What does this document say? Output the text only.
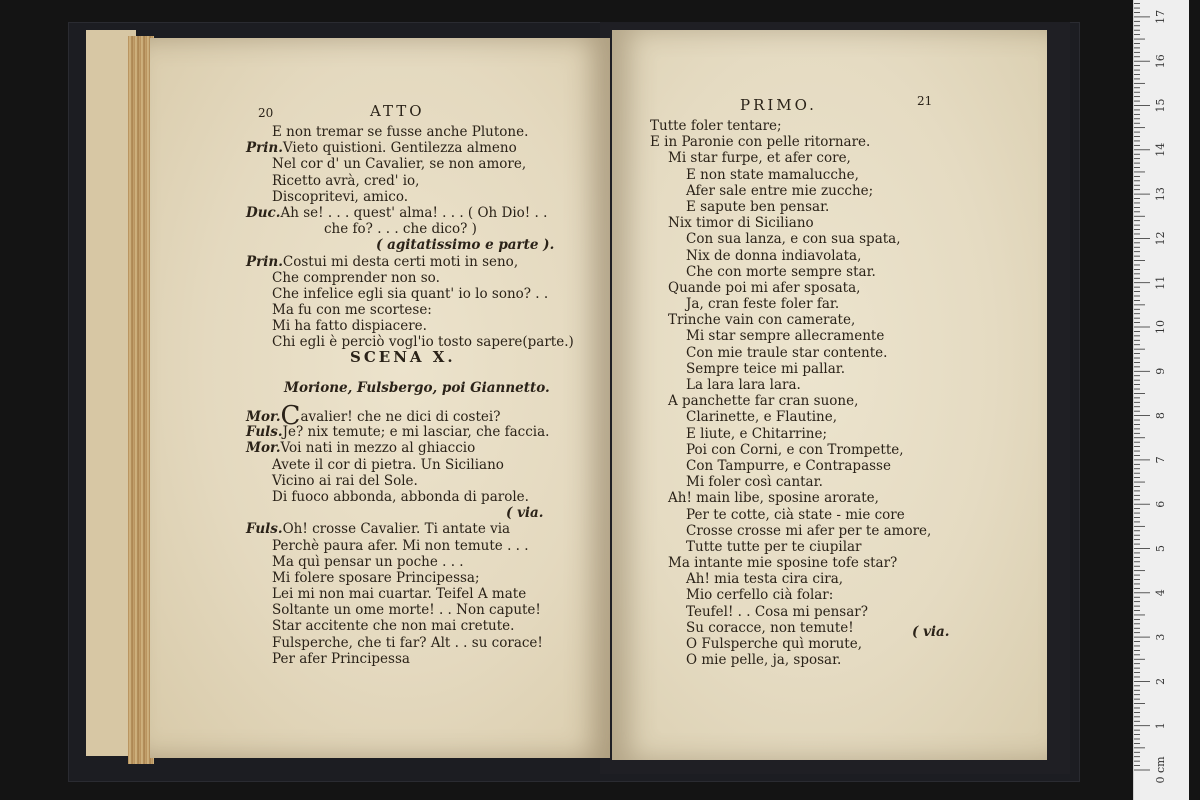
20	ATTO
E non tremar se fusse anche Plutone.
Prin.Vieto quistioni. Gentilezza almeno
Nel cor d' un Cavalier, se non amore,
Ricetto avrà, cred' io,
Discopritevi, amico.
Duc.Ah se! . . . quest' alma! . . . ( Oh Dio! . .
che fo? . . . che dico? )
( agitatissimo e parte ).
Prin.Costui mi desta certi moti in seno,
Che comprender non so.
Che infelice egli sia quant' io lo sono? . .
Ma fu con me scortese:
Mi ha fatto dispiacere.
Chi egli è perciò vogl'io tosto sapere(parte.)
SCENA X.
Morione, Fulsbergo, poi Giannetto.
Mor.Cavalier! che ne dici di costei?
Fuls.Je? nix temute; e mi lasciar, che faccia.
Mor.Voi nati in mezzo al ghiaccio
Avete il cor di pietra. Un Siciliano
Vicino ai rai del Sole.
Di fuoco abbonda, abbonda di parole.
( via.
Fuls.Oh! crosse Cavalier. Ti antate via
Perchè paura afer. Mi non temute . . .
Ma quì pensar un poche . . .
Mi folere sposare Principessa;
Lei mi non mai cuartar. Teifel A mate
Soltante un ome morte! . . Non capute!
Star accitente che non mai cretute.
Fulsperche, che ti far? Alt . . su corace!
Per afer Principessa
PRIMO.	21
Tutte foler tentare;
E in Paronie con pelle ritornare.
Mi star furpe, et afer core,
E non state mamalucche,
Afer sale entre mie zucche;
E sapute ben pensar.
Nix timor di Siciliano
Con sua lanza, e con sua spata,
Nix de donna indiavolata,
Che con morte sempre star.
Quande poi mi afer sposata,
Ja, cran feste foler far.
Trinche vain con camerate,
Mi star sempre allecramente
Con mie traule star contente.
Sempre teice mi pallar.
La lara lara lara.
A panchette far cran suone,
Clarinette, e Flautine,
E liute, e Chitarrine;
Poi con Corni, e con Trompette,
Con Tampurre, e Contrapasse
Mi foler così cantar.
Ah! main libe, sposine arorate,
Per te cotte, cià state - mie core
Crosse crosse mi afer per te amore,
Tutte tutte per te ciupilar
Ma intante mie sposine tofe star?
Ah! mia testa cira cira,
Mio cerfello cià folar:
Teufel! . . Cosa mi pensar?
Su coracce, non temute!
O Fulsperche quì morute,
O mie pelle, ja, sposar.
( via.
0 cm
1
2
3
4
5
6
7
8
9
10
11
12
13
14
15
16
17
